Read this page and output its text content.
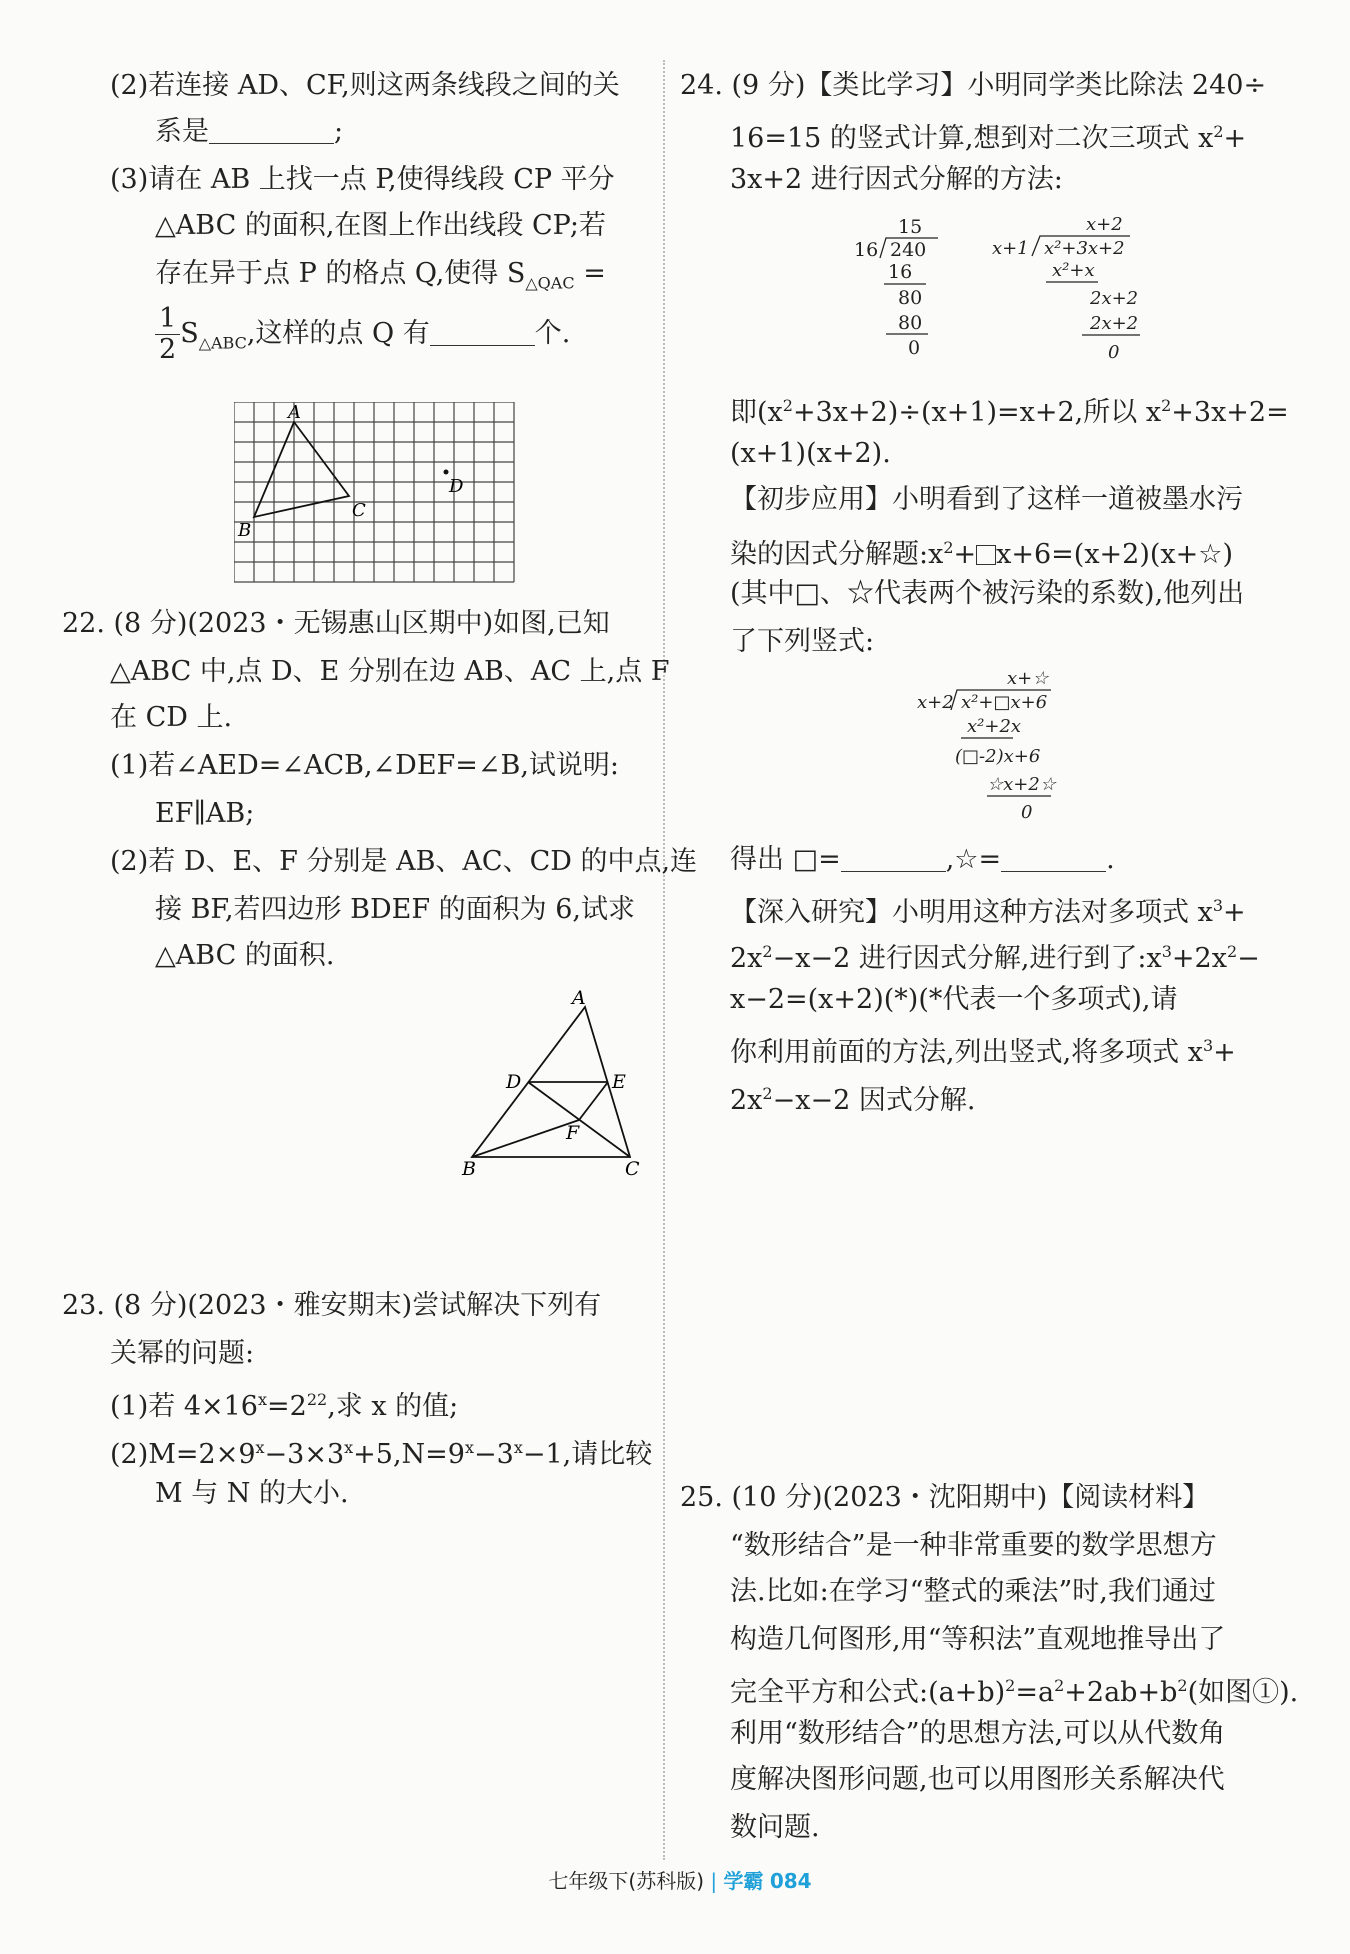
(2)若连接 AD、CF,则这两条线段之间的关
系是	;
(3)请在 AB 上找一点 P,使得线段 CP 平分
△ABC 的面积,在图上作出线段 CP;若
存在异于点 P 的格点 Q,使得 $S_{\triangle QAC}$ =
$\frac{1}{2} S_{\triangle ABC}$,这样的点 Q 有	个.
A
B
C
D
22. (8 分)(2023・无锡惠山区期中)如图,已知
△ABC 中,点 D、E 分别在边 AB、AC 上,点 F
在 CD 上.
(1)若∠AED=∠ACB,∠DEF=∠B,试说明:
EF∥AB;
(2)若 D、E、F 分别是 AB、AC、CD 的中点,连
接 BF,若四边形 BDEF 的面积为 6,试求
△ABC 的面积.
A
D	E
F
B	C
23. (8 分)(2023・雅安期末)尝试解决下列有
关幂的问题:
(1)若 $4\times 16^x=2^{22}$,求 x 的值;
$(2)M=2\times 9^x-3\times 3^x+5,N=9^x-3^x-1$,请比较
M 与 N 的大小.
24. (9 分)【类比学习】小明同学类比除法 240÷
16=15 的竖式计算,想到对二次三项式 $x^2+$
3x+2 进行因式分解的方法:
15
16 240
16
80
80
0
x+2
x+1 x²+3x+2
x²+x
2x+2
2x+2
0
即$(x^2+3x+2)\div(x+1)=x+2$,所以 $x^2+3x+2=$
(x+1)(x+2).
【初步应用】小明看到了这样一道被墨水污
染的因式分解题$:x^2+$ x+6=(x+2)(x+☆)
(其中□、☆代表两个被污染的系数),他列出
了下列竖式:
x+☆
x+2 x²+□x+6
x²+2x
(□-2)x+6
☆x+2☆
0
得出 □=	,☆=	.
【深入研究】小明用这种方法对多项式 $x^3+$
$2x^2-x-2$ 进行因式分解,进行到了$:x^3+2x^2-$
x−2=(x+2)(*)(*代表一个多项式),请
你利用前面的方法,列出竖式,将多项式 $x^3+$
$2x^2-x-2$ 因式分解.
25. (10 分)(2023・沈阳期中)【阅读材料】
“数形结合”是一种非常重要的数学思想方
法.比如:在学习“整式的乘法”时,我们通过
构造几何图形,用“等积法”直观地推导出了
完全平方和公式$:(a+b)^2=a^2+2ab+b^2$(如图①).
利用“数形结合”的思想方法,可以从代数角
度解决图形问题,也可以用图形关系解决代
数问题.
七年级下(苏科版) | 学霸 084
